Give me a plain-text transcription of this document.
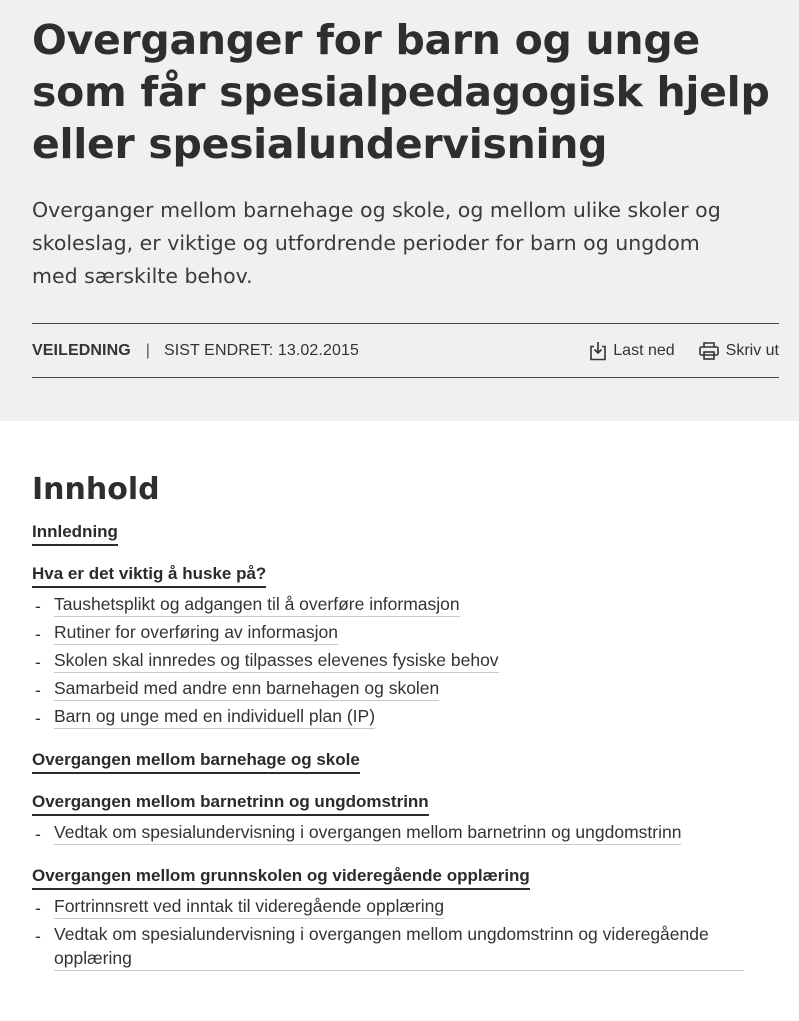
Overganger for barn og unge
som får spesialpedagogisk hjelp
eller spesialundervisning

Overganger mellom barnehage og skole, og mellom ulike skoler og
skoleslag, er viktige og utfordrende perioder for barn og ungdom
med særskilte behov.

VEILEDNING | SIST ENDRET: 13.02.2015	Last ned	Skriv ut
Innhold
Innledning
Hva er det viktig å huske på?
- Taushetsplikt og adgangen til å overføre informasjon
- Rutiner for overføring av informasjon
- Skolen skal innredes og tilpasses elevenes fysiske behov
- Samarbeid med andre enn barnehagen og skolen
- Barn og unge med en individuell plan (IP)
Overgangen mellom barnehage og skole
Overgangen mellom barnetrinn og ungdomstrinn
- Vedtak om spesialundervisning i overgangen mellom barnetrinn og ungdomstrinn
Overgangen mellom grunnskolen og videregående opplæring
- Fortrinnsrett ved inntak til videregående opplæring
- Vedtak om spesialundervisning i overgangen mellom ungdomstrinn og videregående opplæring
